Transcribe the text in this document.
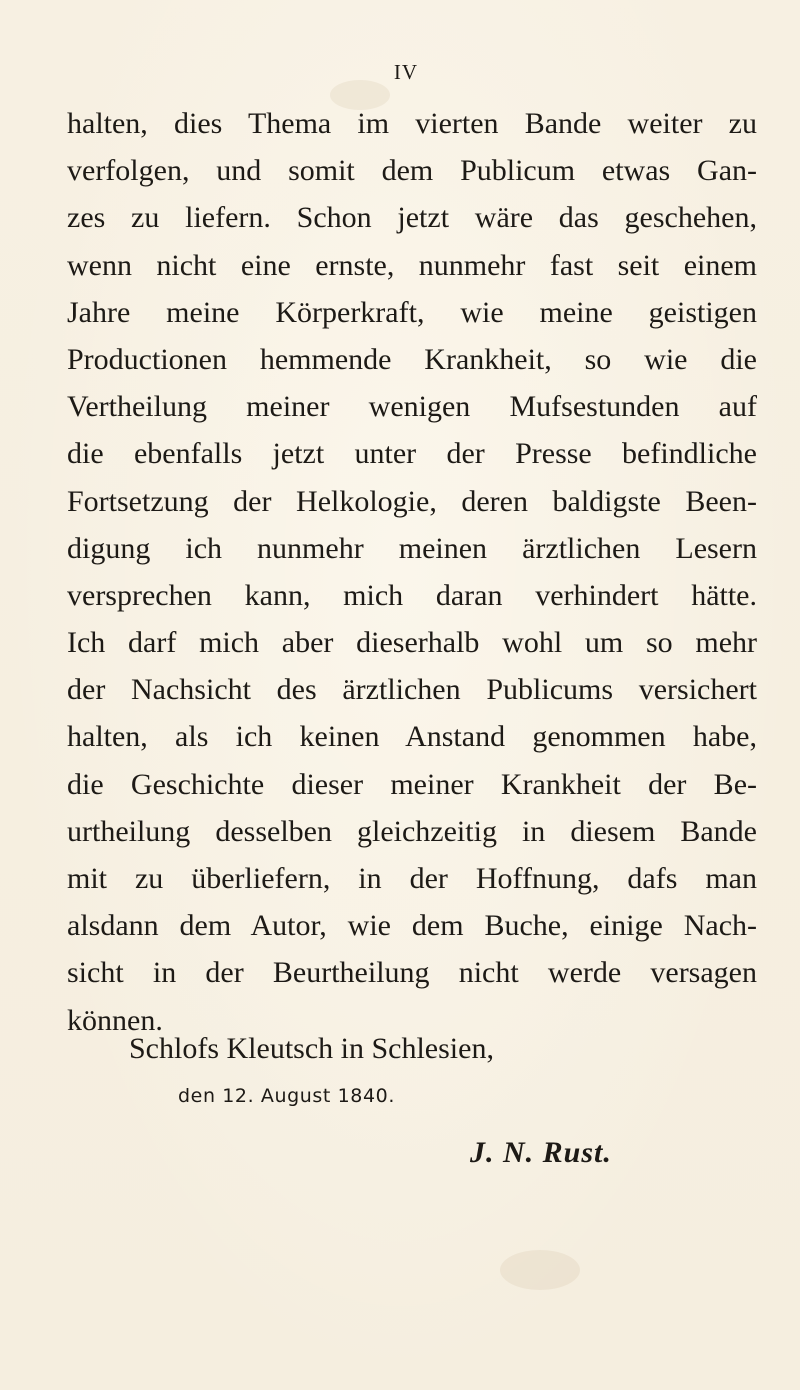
IV
halten, dies Thema im vierten Bande weiter zu
verfolgen, und somit dem Publicum etwas Gan-
zes zu liefern. Schon jetzt wäre das geschehen,
wenn nicht eine ernste, nunmehr fast seit einem
Jahre meine Körperkraft, wie meine geistigen
Productionen hemmende Krankheit, so wie die
Vertheilung meiner wenigen Mufsestunden auf
die ebenfalls jetzt unter der Presse befindliche
Fortsetzung der Helkologie, deren baldigste Been-
digung ich nunmehr meinen ärztlichen Lesern
versprechen kann, mich daran verhindert hätte.
Ich darf mich aber dieserhalb wohl um so mehr
der Nachsicht des ärztlichen Publicums versichert
halten, als ich keinen Anstand genommen habe,
die Geschichte dieser meiner Krankheit der Be-
urtheilung desselben gleichzeitig in diesem Bande
mit zu überliefern, in der Hoffnung, dafs man
alsdann dem Autor, wie dem Buche, einige Nach-
sicht in der Beurtheilung nicht werde versagen
können.
Schlofs Kleutsch in Schlesien,
den 12. August 1840.
J. N. Rust.
